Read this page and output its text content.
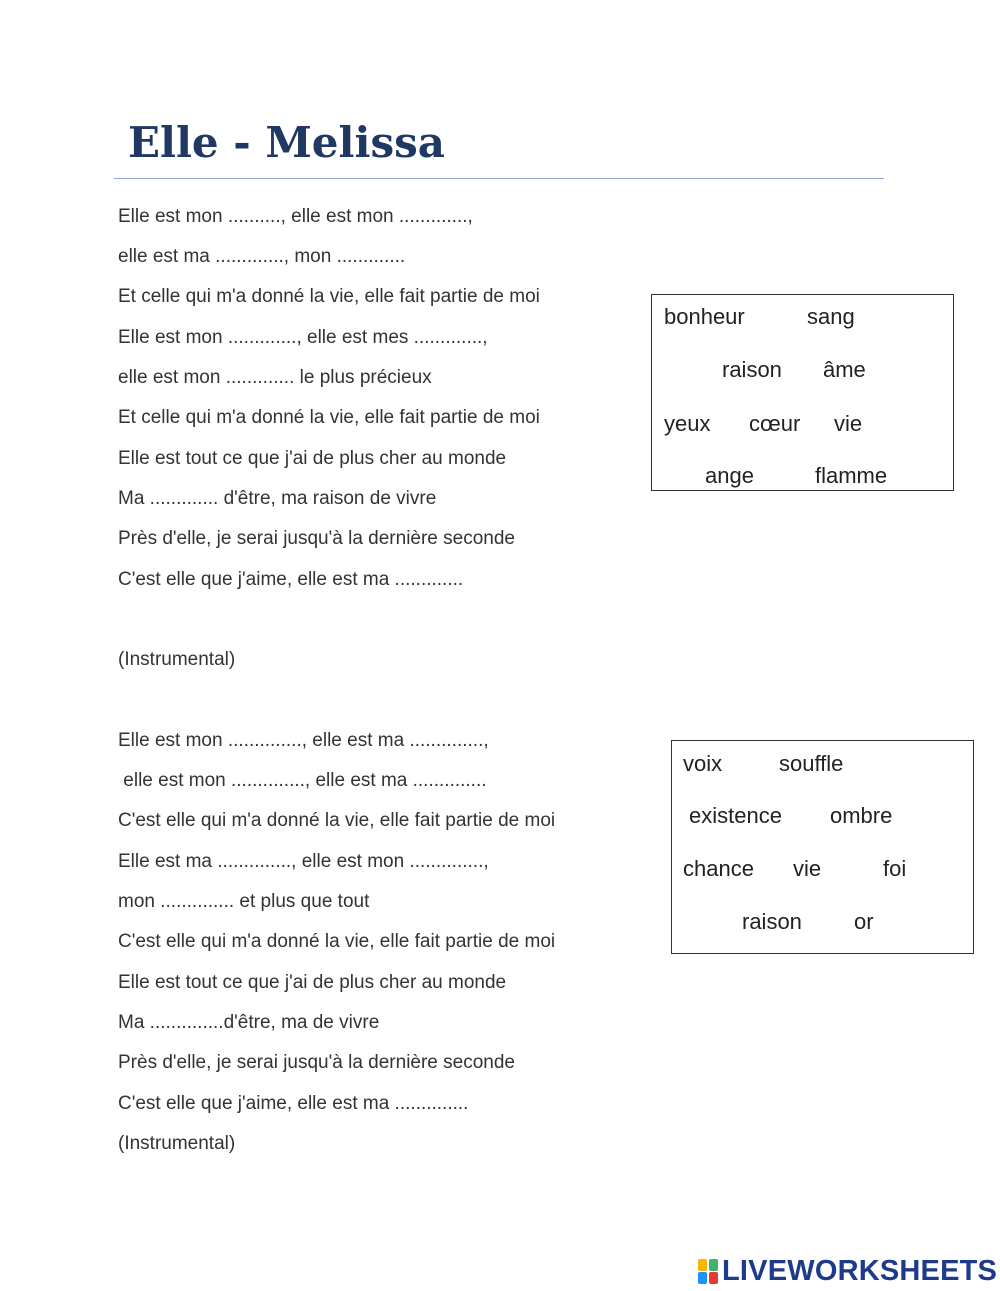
Elle - Melissa
Elle est mon .........., elle est mon .............,
elle est ma ............., mon .............
Et celle qui m'a donné la vie, elle fait partie de moi
Elle est mon ............., elle est mes .............,
elle est mon ............. le plus précieux
Et celle qui m'a donné la vie, elle fait partie de moi
Elle est tout ce que j'ai de plus cher au monde
Ma ............. d'être, ma raison de vivre
Près d'elle, je serai jusqu'à la dernière seconde
C'est elle que j'aime, elle est ma .............
(Instrumental)
Elle est mon .............., elle est ma ..............,
elle est mon .............., elle est ma ..............
C'est elle qui m'a donné la vie, elle fait partie de moi
Elle est ma .............., elle est mon ..............,
mon .............. et plus que tout
C'est elle qui m'a donné la vie, elle fait partie de moi
Elle est tout ce que j'ai de plus cher au monde
Ma ..............d'être, ma de vivre
Près d'elle, je serai jusqu'à la dernière seconde
C'est elle que j'aime, elle est ma ..............
(Instrumental)
bonheur	sang
raison âme
yeux cœur vie
ange	flamme
voix	souffle
existence ombre
chance vie	foi
raison or
LIVEWORKSHEETS
